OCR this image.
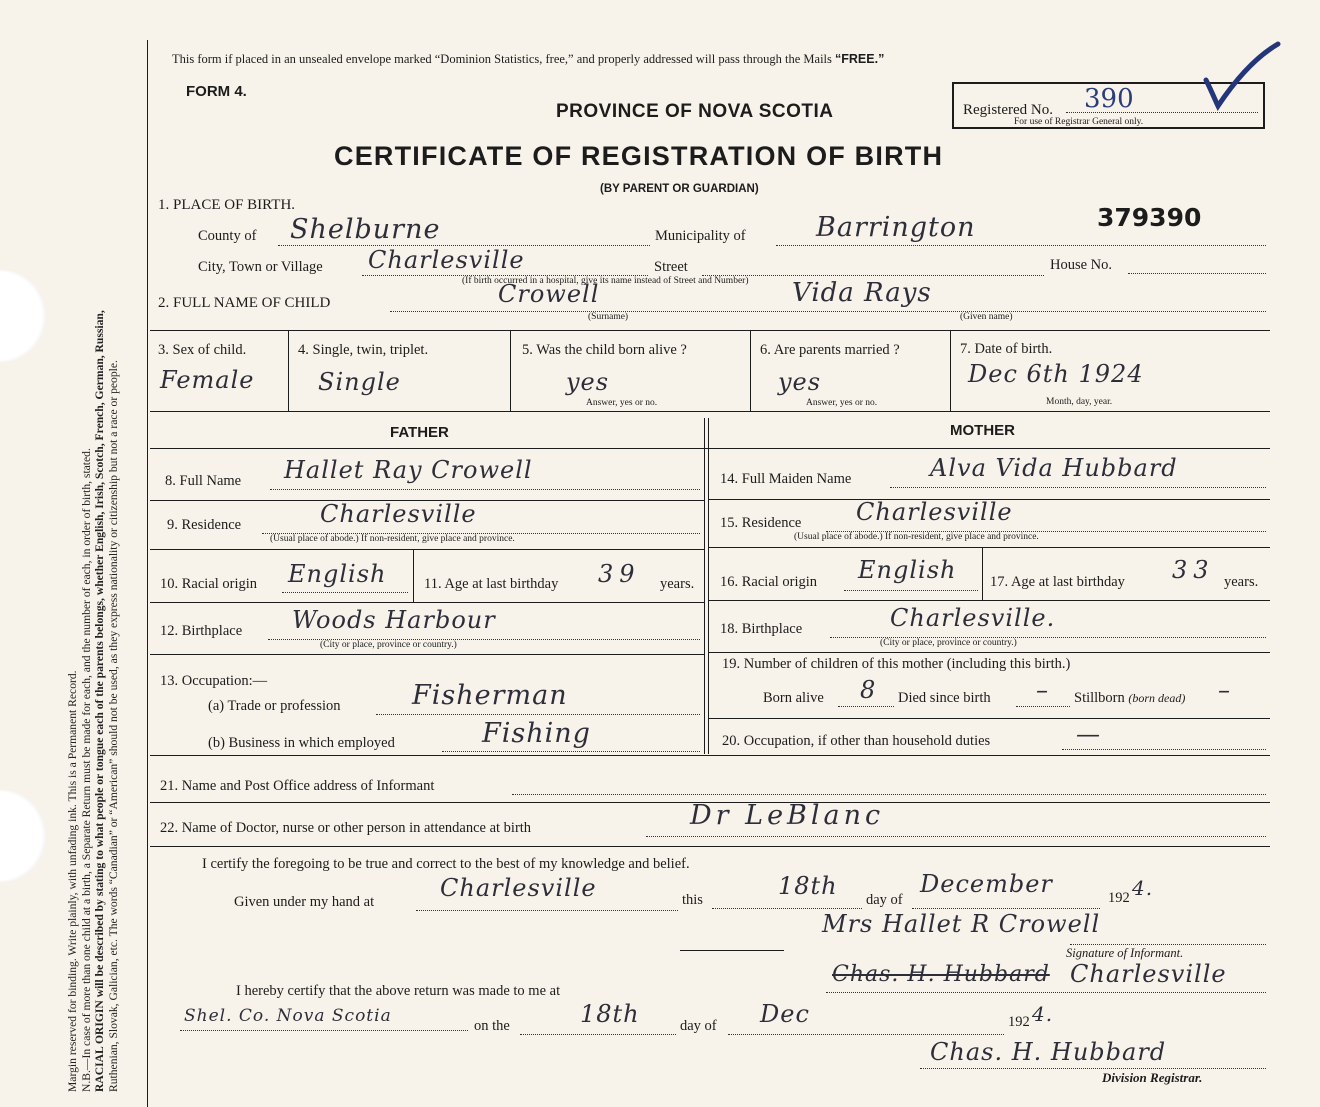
Margin reserved for binding. Write plainly, with unfading ink. This is a Permanent Record. N.B.—In case of more than one child at a birth, a Separate Return must be made for each, and the number of each, in order of birth, stated. RACIAL ORIGIN will be described by stating to what people or tongue each of the parents belongs, whether English, Irish, Scotch, French, German, Russian, Ruthenian, Slovak, Galician, etc. The words “Canadian” or “American” should not be used, as they express nationality or citizenship but not a race or people.
This form if placed in an unsealed envelope marked “Dominion Statistics, free,” and properly addressed will pass through the Mails “FREE.”
FORM 4.
PROVINCE OF NOVA SCOTIA
CERTIFICATE OF REGISTRATION OF BIRTH
(BY PARENT OR GUARDIAN)
Registered No. 390
For use of Registrar General only.
379390
1. PLACE OF BIRTH.
County of Shelburne	Municipality of	Barrington
City, Town or Village Charlesville	Street	House No.
(If birth occurred in a hospital, give its name instead of Street and Number)
2. FULL NAME OF CHILD	Crowell
(Surname)
Vida Rays
(Given name)
3. Sex of child.
Female
4. Single, twin, triplet.
Single
5. Was the child born alive ?
yes
Answer, yes or no.
6. Are parents married ?
yes
Answer, yes or no.
7. Date of birth.
Dec 6th 1924
Month, day, year.
FATHER	MOTHER
8. Full Name Hallet Ray Crowell
9. Residence	Charlesville
(Usual place of abode.) If non-resident, give place and province.
10. Racial origin English	11. Age at last birthday 39 years.
12. Birthplace Woods Harbour
(City or place, province or country.)
13. Occupation:—
(a) Trade or profession	Fisherman
(b) Business in which employed	Fishing
14. Full Maiden Name	Alva Vida Hubbard
15. Residence Charlesville
(Usual place of abode.) If non-resident, give place and province.
16. Racial origin English 17. Age at last birthday 33 years.
18. Birthplace	Charlesville.
(City or place, province or country.)
19. Number of children of this mother (including this birth.)
Born alive 8 Died since birth – Stillborn (born dead) –
20. Occupation, if other than household duties	—
21. Name and Post Office address of Informant
22. Name of Doctor, nurse or other person in attendance at birth	Dr LeBlanc
I certify the foregoing to be true and correct to the best of my knowledge and belief.
Given under my hand at	Charlesville	this	18th day of
December	192 4.
Mrs Hallet R Crowell
Signature of Informant.
Chas. H. Hubbard Charlesville
I hereby certify that the above return was made to me at
Shel. Co. Nova Scotia	on the	18th	day of Dec	192 4.
Chas. H. Hubbard
Division Registrar.
